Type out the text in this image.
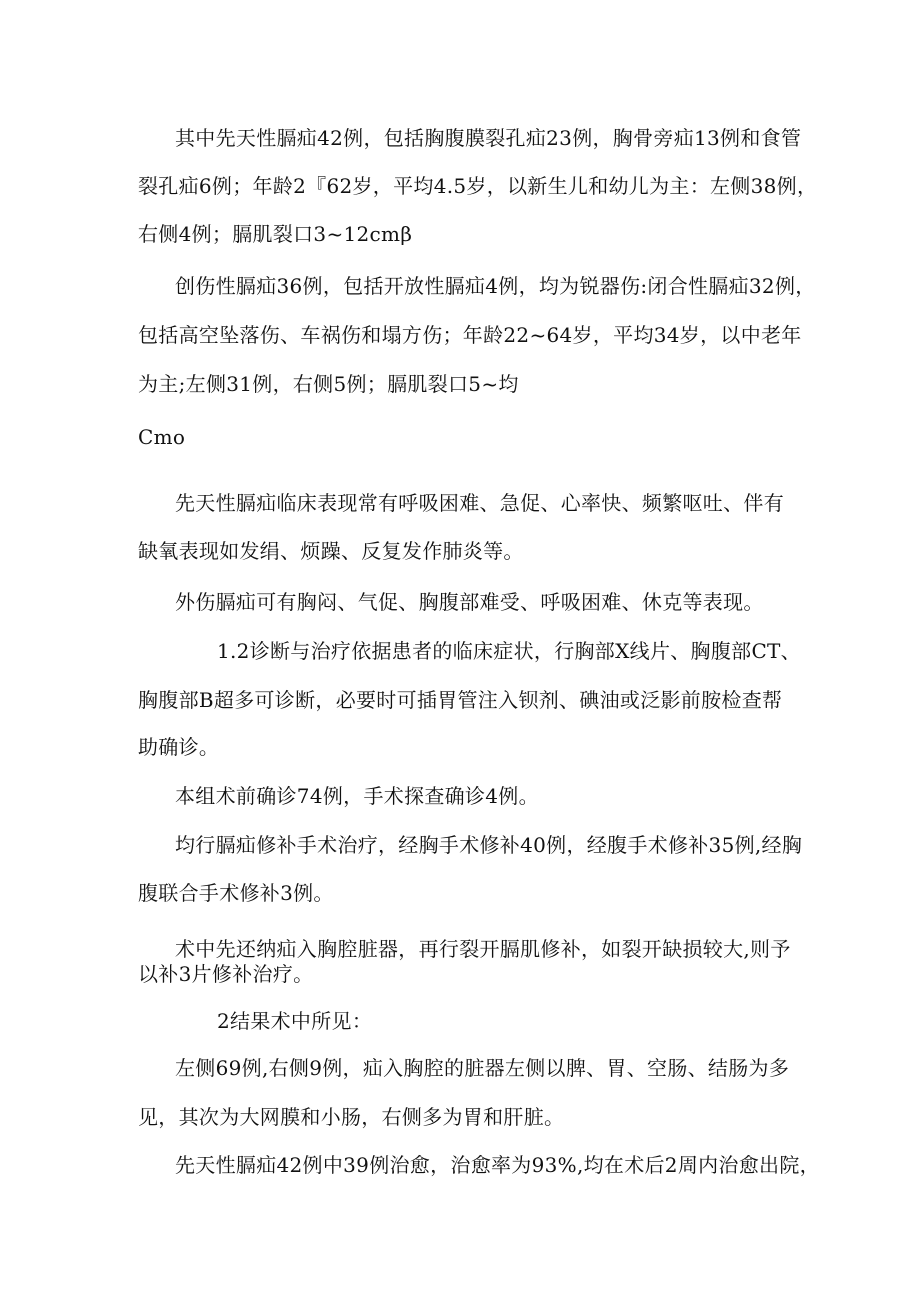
其中先天性膈疝42例，包括胸腹膜裂孔疝23例，胸骨旁疝13例和食管
裂孔疝6例；年龄2『62岁，平均4.5岁，以新生儿和幼儿为主：左侧38例，
右侧4例；膈肌裂口3~12cmβ
创伤性膈疝36例，包括开放性膈疝4例，均为锐器伤:闭合性膈疝32例，
包括高空坠落伤、车祸伤和塌方伤；年龄22~64岁，平均34岁，以中老年
为主;左侧31例，右侧5例；膈肌裂口5~均
Cmo
先天性膈疝临床表现常有呼吸困难、急促、心率快、频繁呕吐、伴有
缺氧表现如发绢、烦躁、反复发作肺炎等。
外伤膈疝可有胸闷、气促、胸腹部难受、呼吸困难、休克等表现。
1.2诊断与治疗依据患者的临床症状，行胸部X线片、胸腹部CT、
胸腹部B超多可诊断，必要时可插胃管注入钡剂、碘油或泛影前胺检查帮
助确诊。
本组术前确诊74例，手术探查确诊4例。
均行膈疝修补手术治疗，经胸手术修补40例，经腹手术修补35例,经胸
腹联合手术修补3例。
术中先还纳疝入胸腔脏器，再行裂开膈肌修补，如裂开缺损较大,则予
以补3片修补治疗。
2结果术中所见：
左侧69例,右侧9例，疝入胸腔的脏器左侧以脾、胃、空肠、结肠为多
见，其次为大网膜和小肠，右侧多为胃和肝脏。
先天性膈疝42例中39例治愈，治愈率为93%,均在术后2周内治愈出院，
